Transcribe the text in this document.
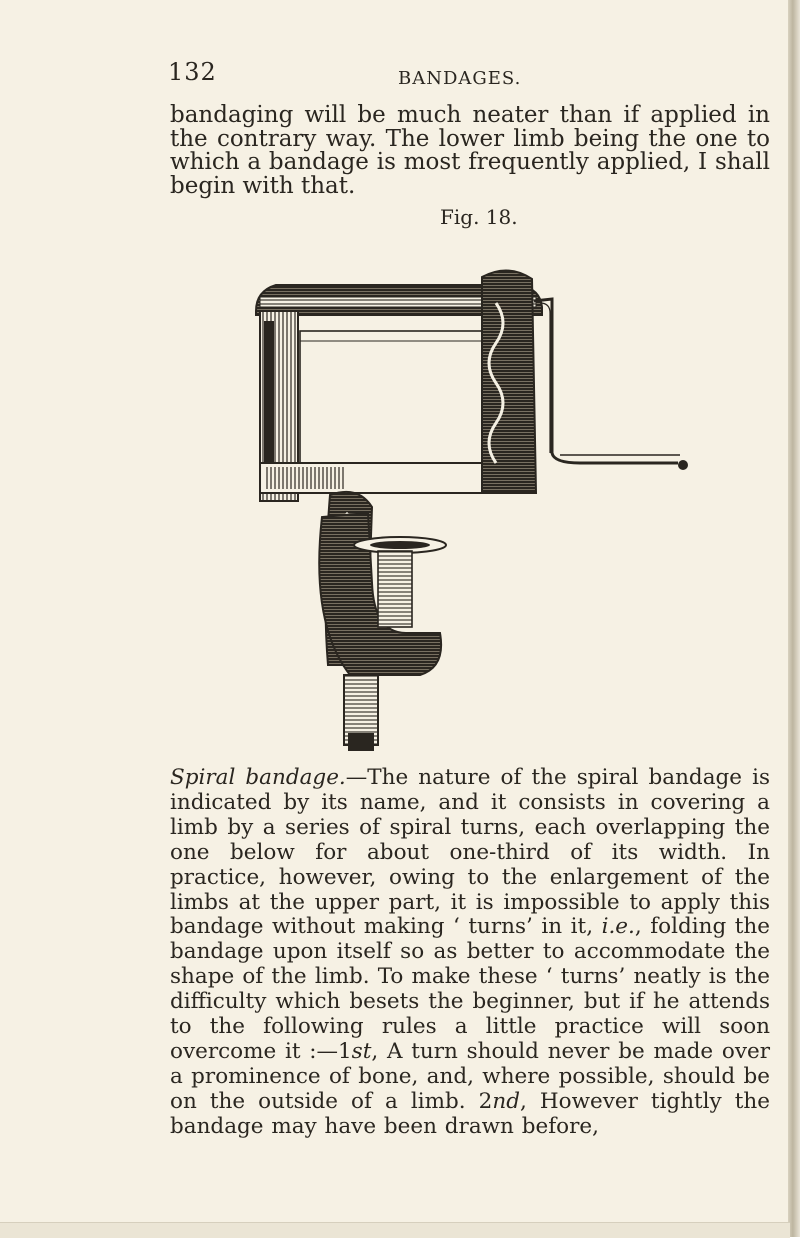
132	BANDAGES.

bandaging will be much neater than if applied in the contrary way. The lower limb being the one to which a bandage is most frequently applied, I shall begin with that.

Fig. 18.

Spiral bandage.—The nature of the spiral bandage is indicated by its name, and it consists in covering a limb by a series of spiral turns, each overlapping the one below for about one-third of its width. In practice, however, owing to the enlargement of the limbs at the upper part, it is impossible to apply this bandage without making ‘ turns’ in it, i.e., folding the bandage upon itself so as better to accommodate the shape of the limb. To make these ‘ turns’ neatly is the difficulty which besets the beginner, but if he attends to the following rules a little practice will soon overcome it :—1st, A turn should never be made over a prominence of bone, and, where possible, should be on the outside of a limb. 2nd, However tightly the bandage may have been drawn before,
